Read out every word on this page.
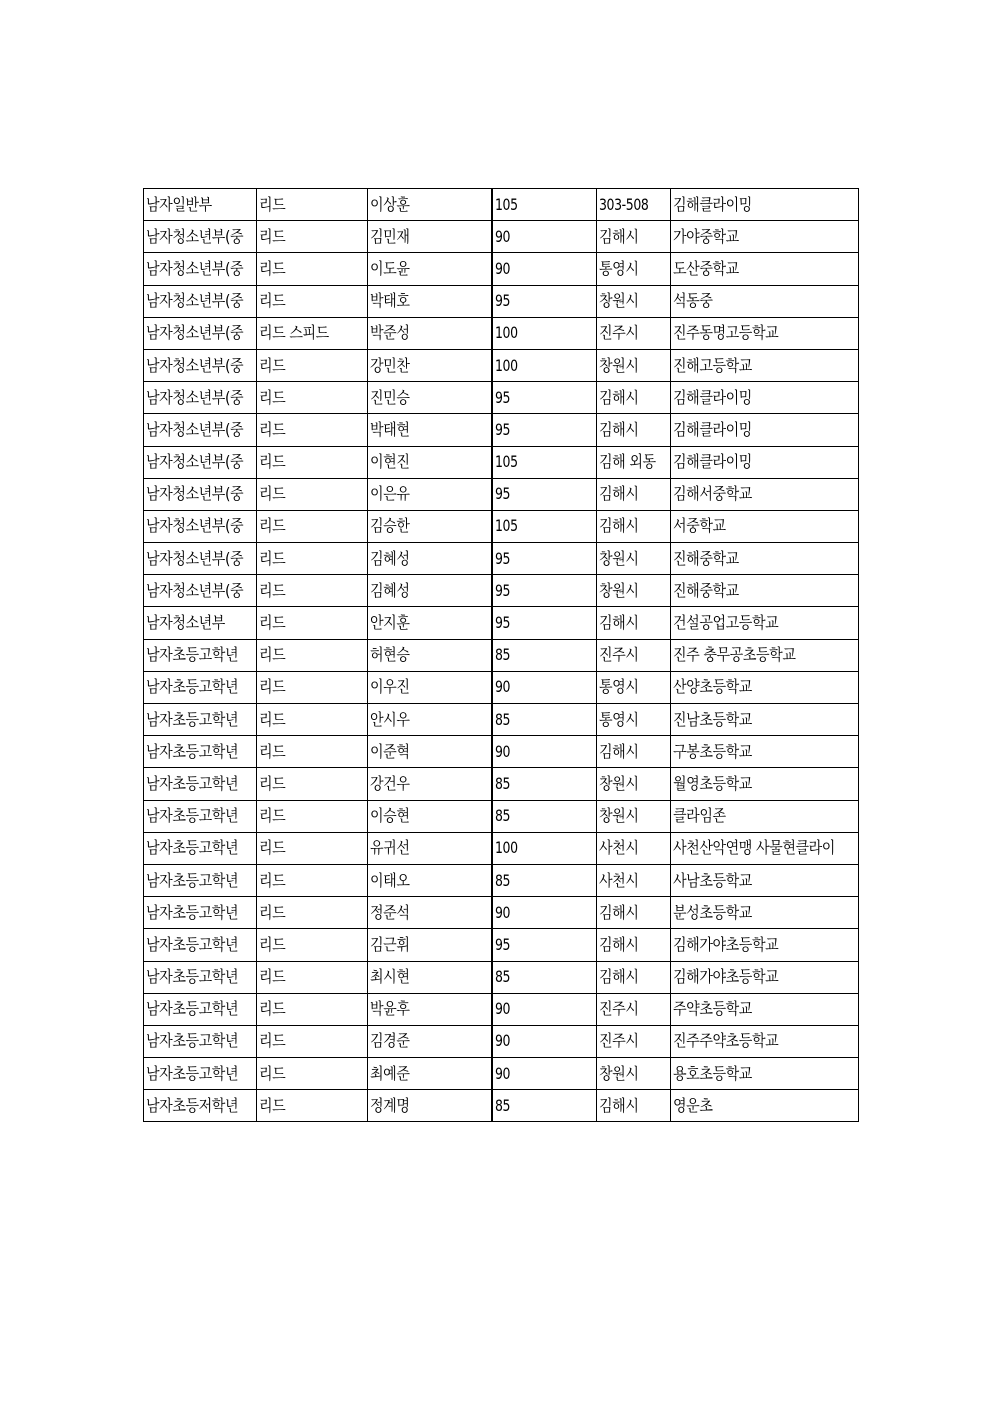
남자일반부	리드	이상훈	105	303-508	김해클라이밍
남자청소년부(중	리드	김민재	90	김해시	가야중학교
남자청소년부(중	리드	이도윤	90	통영시	도산중학교
남자청소년부(중	리드	박태호	95	창원시	석동중
남자청소년부(중	리드 스피드	박준성	100	진주시	진주동명고등학교
남자청소년부(중	리드	강민찬	100	창원시	진해고등학교
남자청소년부(중	리드	진민승	95	김해시	김해클라이밍
남자청소년부(중	리드	박태현	95	김해시	김해클라이밍
남자청소년부(중	리드	이현진	105	김해 외동	김해클라이밍
남자청소년부(중	리드	이은유	95	김해시	김해서중학교
남자청소년부(중	리드	김승한	105	김해시	서중학교
남자청소년부(중	리드	김혜성	95	창원시	진해중학교
남자청소년부(중	리드	김혜성	95	창원시	진해중학교
남자청소년부	리드	안지훈	95	김해시	건설공업고등학교
남자초등고학년	리드	허현승	85	진주시	진주 충무공초등학교
남자초등고학년	리드	이우진	90	통영시	산양초등학교
남자초등고학년	리드	안시우	85	통영시	진남초등학교
남자초등고학년	리드	이준혁	90	김해시	구봉초등학교
남자초등고학년	리드	강건우	85	창원시	월영초등학교
남자초등고학년	리드	이승현	85	창원시	클라임존
남자초등고학년	리드	유귀선	100	사천시	사천산악연맹 사물현클라이
남자초등고학년	리드	이태오	85	사천시	사남초등학교
남자초등고학년	리드	정준석	90	김해시	분성초등학교
남자초등고학년	리드	김근휘	95	김해시	김해가야초등학교
남자초등고학년	리드	최시현	85	김해시	김해가야초등학교
남자초등고학년	리드	박윤후	90	진주시	주약초등학교
남자초등고학년	리드	김경준	90	진주시	진주주약초등학교
남자초등고학년	리드	최예준	90	창원시	용호초등학교
남자초등저학년	리드	정계명	85	김해시	영운초
